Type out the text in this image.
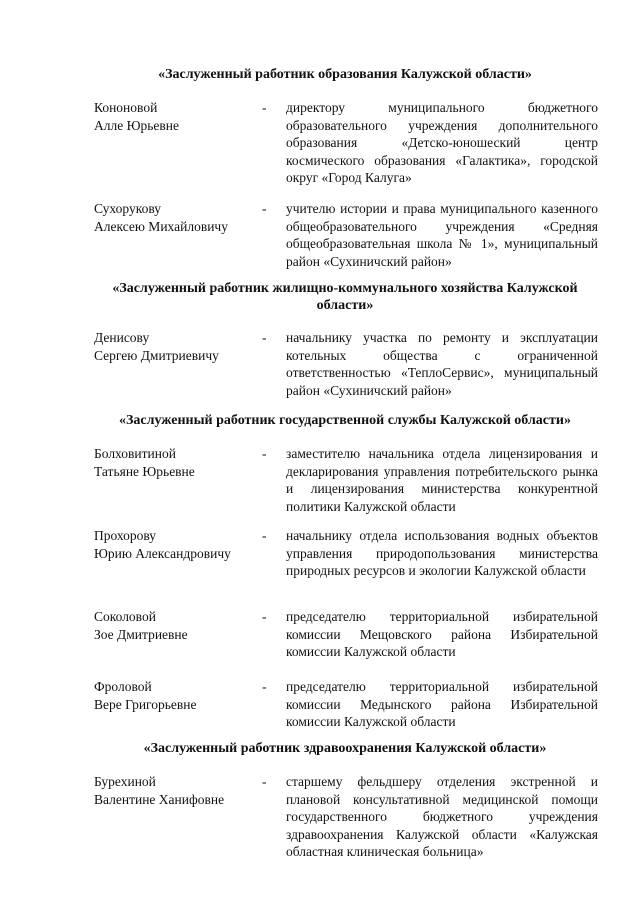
«Заслуженный работник образования Калужской области»

Кононовой
Алле Юрьевне
- директору муниципального бюджетного образовательного учреждения дополнительного образования «Детско-юношеский центр космического образования «Галактика», городской округ «Город Калуга»
Сухорукову
Алексею Михайловичу
- учителю истории и права муниципального казенного общеобразовательного учреждения «Средняя общеобразовательная школа № 1», муниципальный район «Сухиничский район»

«Заслуженный работник жилищно-коммунального хозяйства Калужской области»

Денисову
Сергею Дмитриевичу
- начальнику участка по ремонту и эксплуатации котельных общества с ограниченной ответственностью «ТеплоСервис», муниципальный район «Сухиничский район»

«Заслуженный работник государственной службы Калужской области»

Болховитиной
Татьяне Юрьевне
- заместителю начальника отдела лицензирования и декларирования управления потребительского рынка и лицензирования министерства конкурентной политики Калужской области
Прохорову
Юрию Александровичу
- начальнику отдела использования водных объектов управления природопользования министерства природных ресурсов и экологии Калужской области
Соколовой
Зое Дмитриевне
- председателю территориальной избирательной комиссии Мещовского района Избирательной комиссии Калужской области
Фроловой
Вере Григорьевне
- председателю территориальной избирательной комиссии Медынского района Избирательной комиссии Калужской области

«Заслуженный работник здравоохранения Калужской области»

Бурехиной
Валентине Ханифовне
- старшему фельдшеру отделения экстренной и плановой консультативной медицинской помощи государственного бюджетного учреждения здравоохранения Калужской области «Калужская областная клиническая больница»
